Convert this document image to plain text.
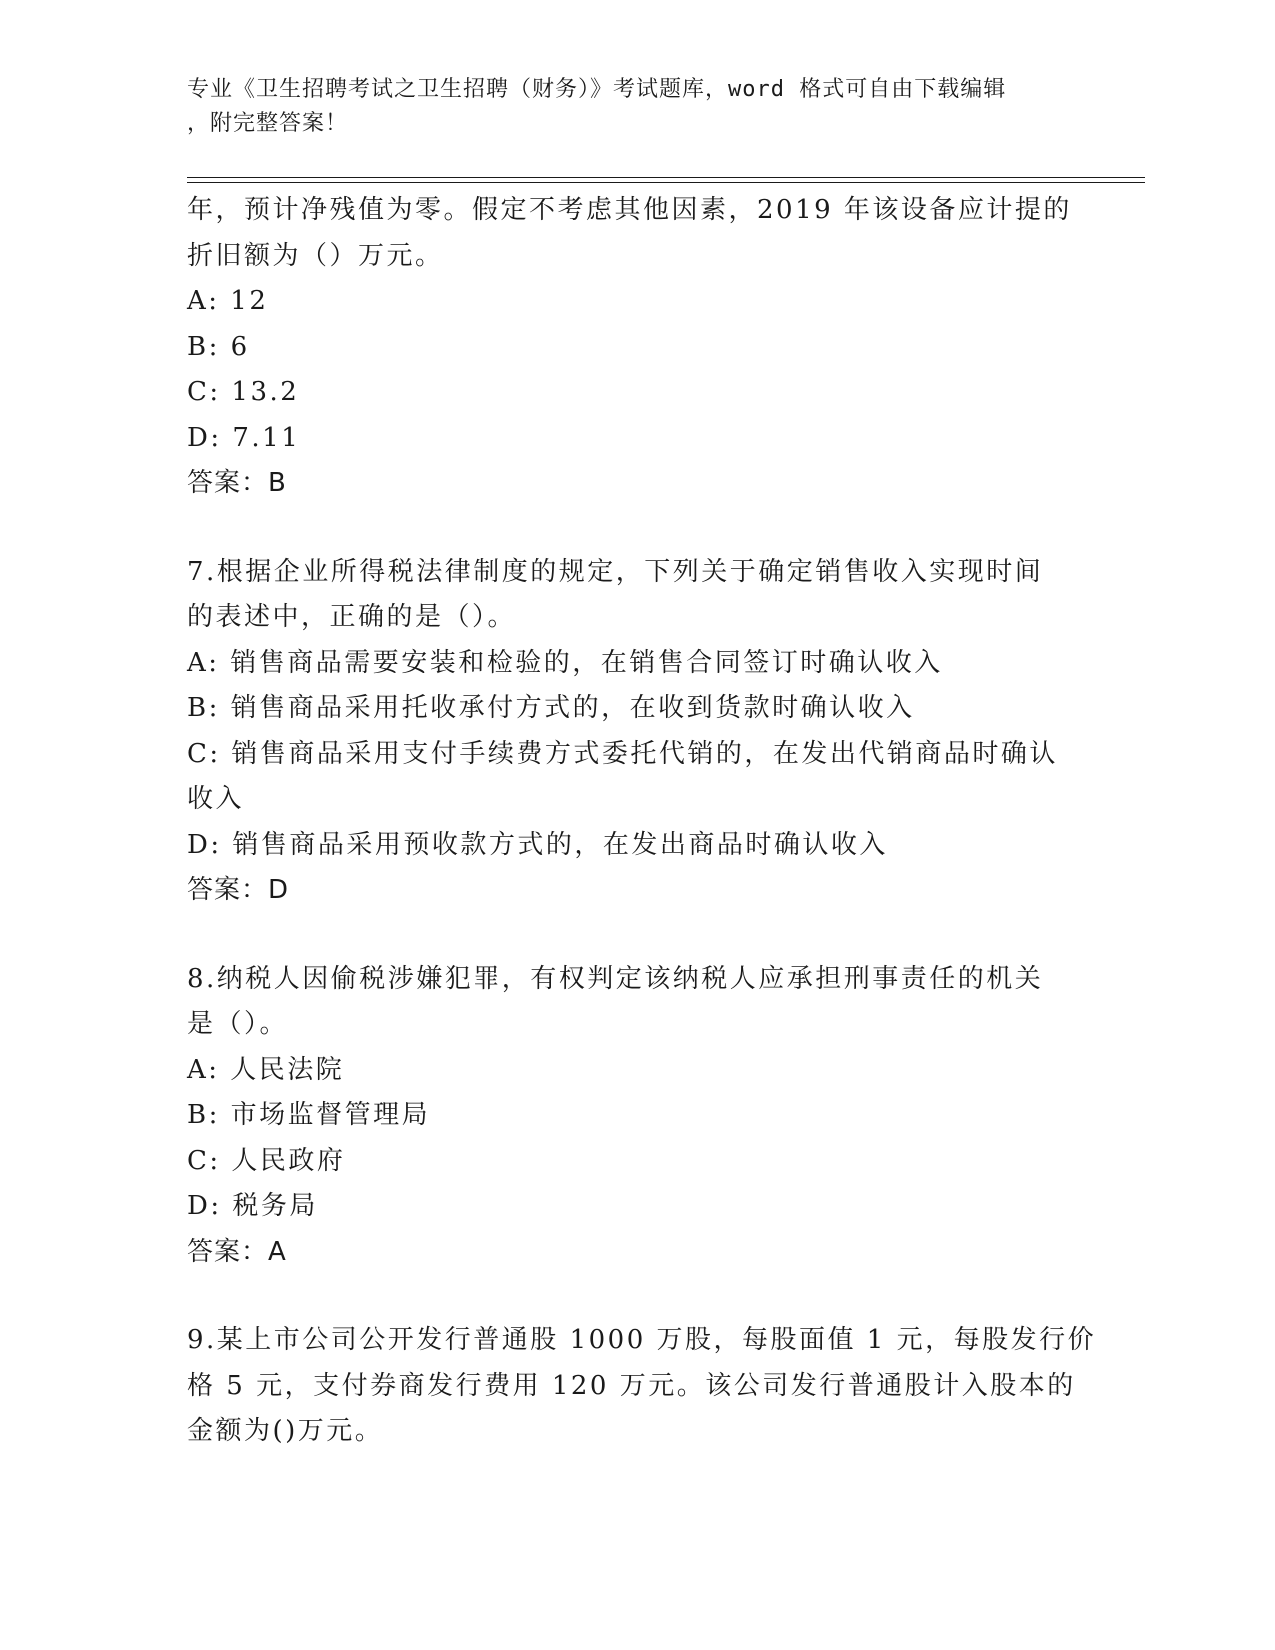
专业《卫生招聘考试之卫生招聘（财务）》考试题库，word 格式可自由下载编辑
，附完整答案！
年，预计净残值为零。假定不考虑其他因素，2019 年该设备应计提的
折旧额为（）万元。
A: 12
B: 6
C: 13.2
D: 7.11
答案：B
7.根据企业所得税法律制度的规定，下列关于确定销售收入实现时间
的表述中，正确的是（）。
A: 销售商品需要安装和检验的，在销售合同签订时确认收入
B: 销售商品采用托收承付方式的，在收到货款时确认收入
C: 销售商品采用支付手续费方式委托代销的，在发出代销商品时确认
收入
D: 销售商品采用预收款方式的，在发出商品时确认收入
答案：D
8.纳税人因偷税涉嫌犯罪，有权判定该纳税人应承担刑事责任的机关
是（）。
A: 人民法院
B: 市场监督管理局
C: 人民政府
D: 税务局
答案：A
9.某上市公司公开发行普通股 1000 万股，每股面值 1 元，每股发行价
格 5 元，支付券商发行费用 120 万元。该公司发行普通股计入股本的
金额为()万元。
